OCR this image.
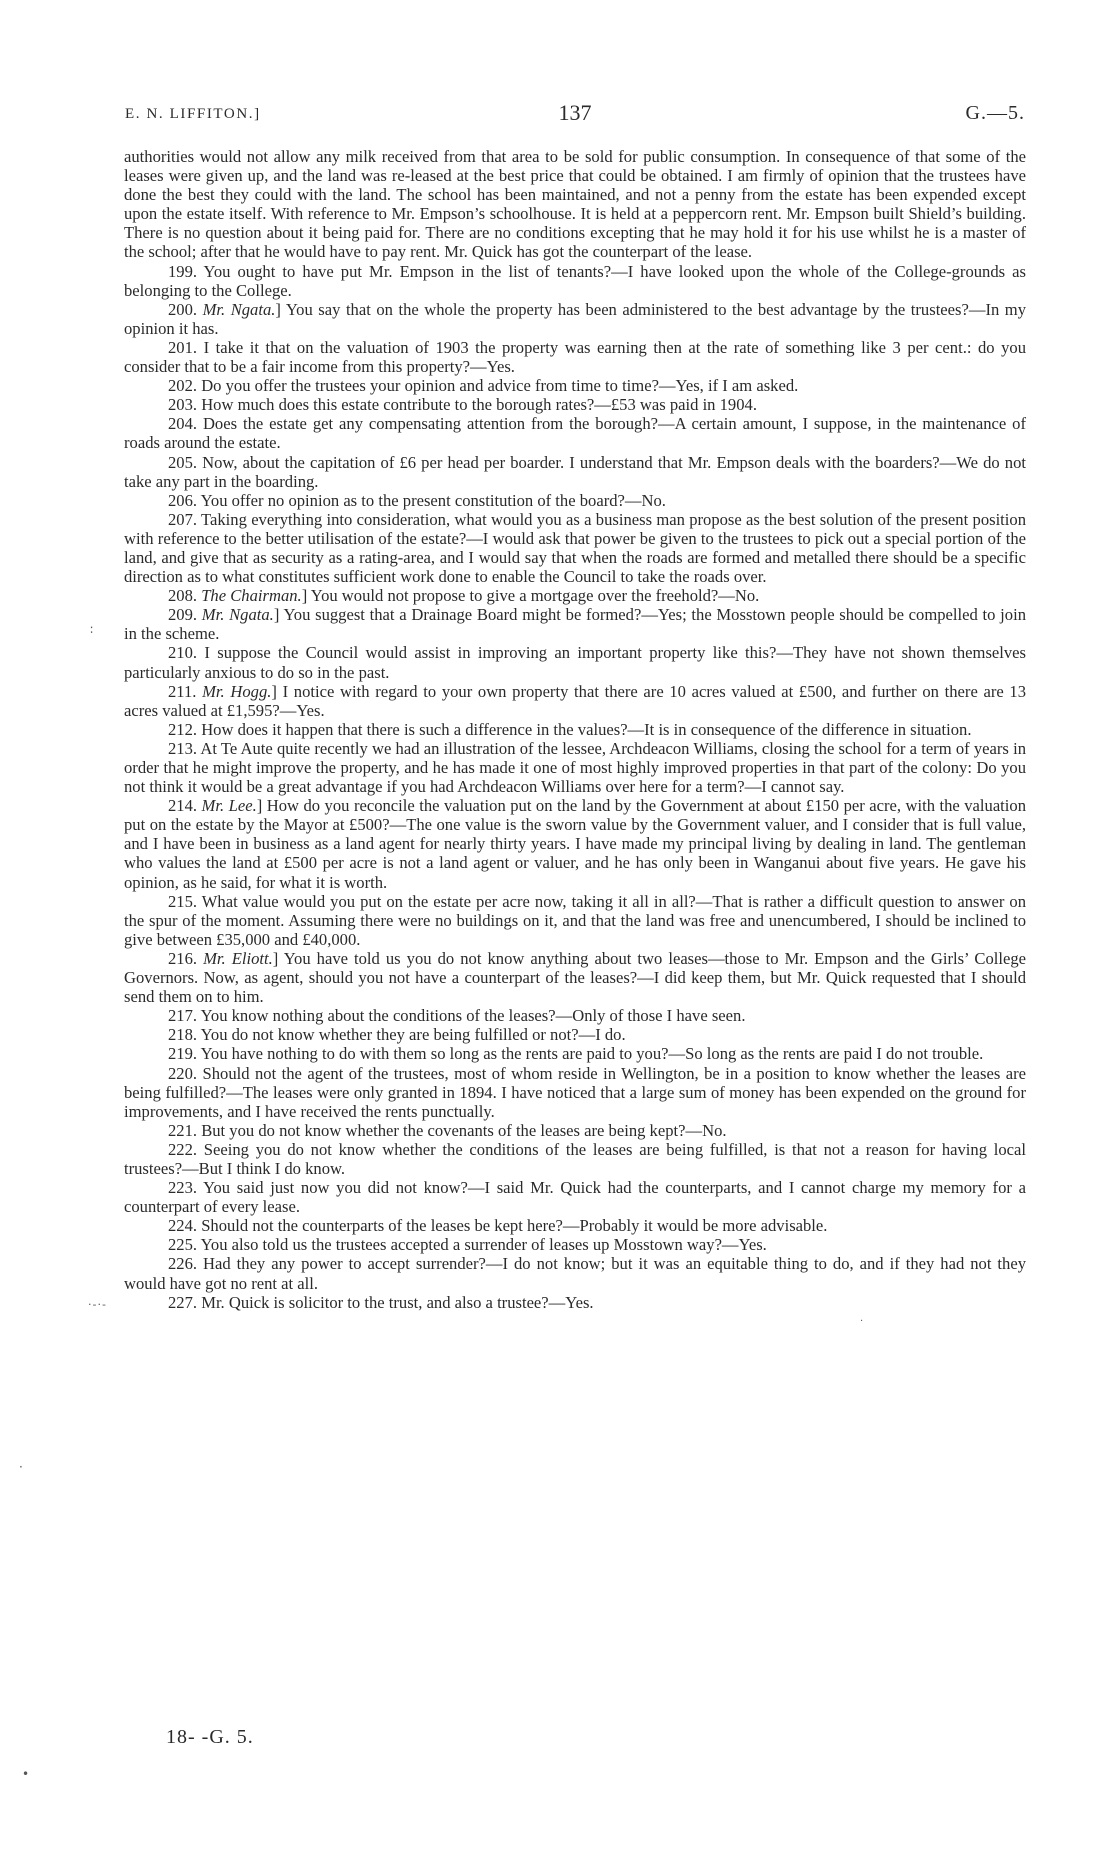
E. N. LIFFITON.]	137	G.—5.

authorities would not allow any milk received from that area to be sold for public consumption. In consequence of that some of the leases were given up, and the land was re-leased at the best price that could be obtained. I am firmly of opinion that the trustees have done the best they could with the land. The school has been maintained, and not a penny from the estate has been expended except upon the estate itself. With reference to Mr. Empson’s schoolhouse. It is held at a peppercorn rent. Mr. Empson built Shield’s building. There is no question about it being paid for. There are no conditions excepting that he may hold it for his use whilst he is a master of the school; after that he would have to pay rent. Mr. Quick has got the counterpart of the lease.

199. You ought to have put Mr. Empson in the list of tenants?—I have looked upon the whole of the College-grounds as belonging to the College.

200. Mr. Ngata.] You say that on the whole the property has been administered to the best advantage by the trustees?—In my opinion it has.

201. I take it that on the valuation of 1903 the property was earning then at the rate of something like 3 per cent.: do you consider that to be a fair income from this property?—Yes.

202. Do you offer the trustees your opinion and advice from time to time?—Yes, if I am asked.

203. How much does this estate contribute to the borough rates?—£53 was paid in 1904.

204. Does the estate get any compensating attention from the borough?—A certain amount, I suppose, in the maintenance of roads around the estate.

205. Now, about the capitation of £6 per head per boarder. I understand that Mr. Empson deals with the boarders?—We do not take any part in the boarding.

206. You offer no opinion as to the present constitution of the board?—No.

207. Taking everything into consideration, what would you as a business man propose as the best solution of the present position with reference to the better utilisation of the estate?—I would ask that power be given to the trustees to pick out a special portion of the land, and give that as security as a rating-area, and I would say that when the roads are formed and metalled there should be a specific direction as to what constitutes sufficient work done to enable the Council to take the roads over.

208. The Chairman.] You would not propose to give a mortgage over the freehold?—No.

209. Mr. Ngata.] You suggest that a Drainage Board might be formed?—Yes; the Mosstown people should be compelled to join in the scheme.

210. I suppose the Council would assist in improving an important property like this?—They have not shown themselves particularly anxious to do so in the past.

211. Mr. Hogg.] I notice with regard to your own property that there are 10 acres valued at £500, and further on there are 13 acres valued at £1,595?—Yes.

212. How does it happen that there is such a difference in the values?—It is in consequence of the difference in situation.

213. At Te Aute quite recently we had an illustration of the lessee, Archdeacon Williams, closing the school for a term of years in order that he might improve the property, and he has made it one of most highly improved properties in that part of the colony: Do you not think it would be a great advantage if you had Archdeacon Williams over here for a term?—I cannot say.

214. Mr. Lee.] How do you reconcile the valuation put on the land by the Government at about £150 per acre, with the valuation put on the estate by the Mayor at £500?—The one value is the sworn value by the Government valuer, and I consider that is full value, and I have been in business as a land agent for nearly thirty years. I have made my principal living by dealing in land. The gentleman who values the land at £500 per acre is not a land agent or valuer, and he has only been in Wanganui about five years. He gave his opinion, as he said, for what it is worth.

215. What value would you put on the estate per acre now, taking it all in all?—That is rather a difficult question to answer on the spur of the moment. Assuming there were no buildings on it, and that the land was free and unencumbered, I should be inclined to give between £35,000 and £40,000.

216. Mr. Eliott.] You have told us you do not know anything about two leases—those to Mr. Empson and the Girls’ College Governors. Now, as agent, should you not have a counterpart of the leases?—I did keep them, but Mr. Quick requested that I should send them on to him.

217. You know nothing about the conditions of the leases?—Only of those I have seen.

218. You do not know whether they are being fulfilled or not?—I do.

219. You have nothing to do with them so long as the rents are paid to you?—So long as the rents are paid I do not trouble.

220. Should not the agent of the trustees, most of whom reside in Wellington, be in a position to know whether the leases are being fulfilled?—The leases were only granted in 1894. I have noticed that a large sum of money has been expended on the ground for improvements, and I have received the rents punctually.

221. But you do not know whether the covenants of the leases are being kept?—No.

222. Seeing you do not know whether the conditions of the leases are being fulfilled, is that not a reason for having local trustees?—But I think I do know.

223. You said just now you did not know?—I said Mr. Quick had the counterparts, and I cannot charge my memory for a counterpart of every lease.

224. Should not the counterparts of the leases be kept here?—Probably it would be more advisable.

225. You also told us the trustees accepted a surrender of leases up Mosstown way?—Yes.

226. Had they any power to accept surrender?—I do not know; but it was an equitable thing to do, and if they had not they would have got no rent at all.

227. Mr. Quick is solicitor to the trust, and also a trustee?—Yes.

18- -G. 5.
∶
·-·-
·
•
·
